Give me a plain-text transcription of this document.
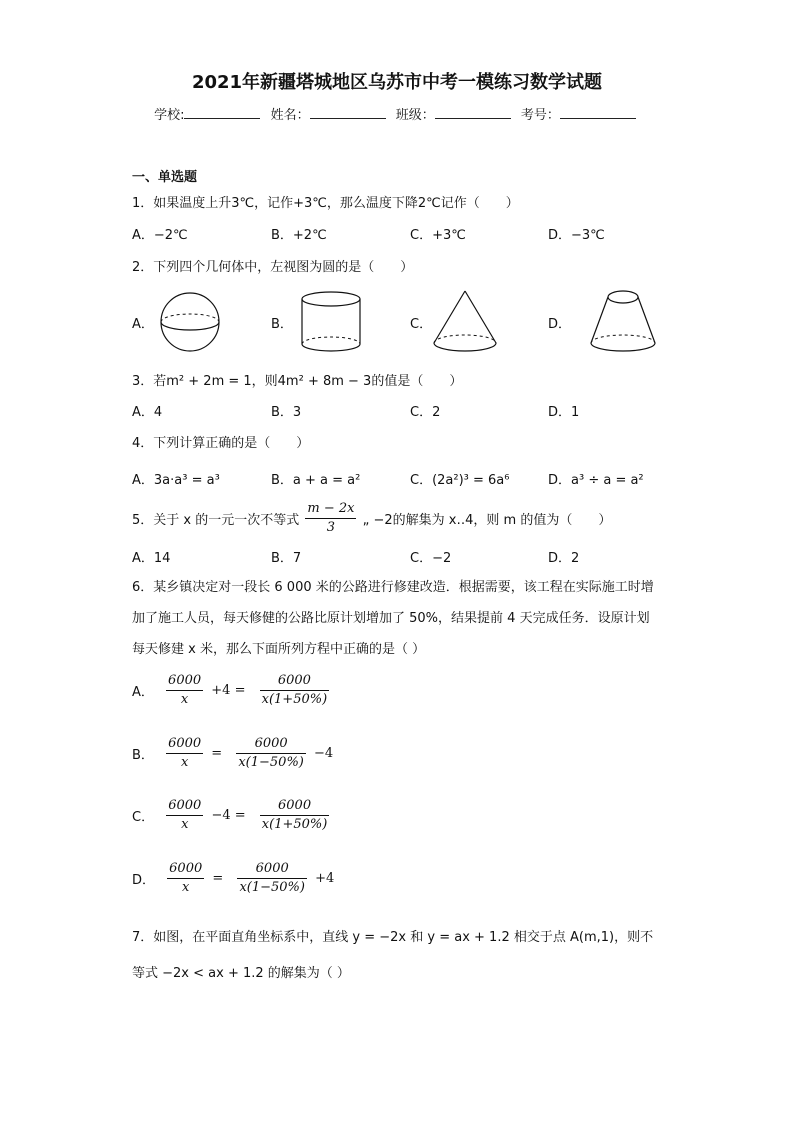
2021年新疆塔城地区乌苏市中考一模练习数学试题
学校:	姓名：	班级：	考号：
一、单选题
1．如果温度上升3℃，记作+3℃，那么温度下降2℃记作（　　）
A．−2℃	B．+2℃	C．+3℃	D．−3℃
2．下列四个几何体中，左视图为圆的是（　　）
A．	B．	C．	D．
3．若m² + 2m = 1，则4m² + 8m − 3的值是（　　）
A．4	B．3	C．2	D．1
4．下列计算正确的是（　　）
A．3a·a³ = a³	B．a + a = a²	C．(2a²)³ = 6a⁶	D．a³ ÷ a = a²
5．关于 x 的一元一次不等式 $\frac{m - 2x}{3}$ „ −2的解集为 x‥4，则 m 的值为（　　）
A．14	B．7	C．−2	D．2
6．某乡镇决定对一段长 6 000 米的公路进行修建改造．根据需要，该工程在实际施工时增加了施工人员，每天修健的公路比原计划增加了 50%，结果提前 4 天完成任务．设原计划每天修建 x 米，那么下面所列方程中正确的是（ ）
A． $\frac{6000}{x} +4 = \frac{6000}{x(1+50\%)}$
B． $\frac{6000}{x} = \frac{6000}{x(1-50\%)} -4$
C． $\frac{6000}{x} -4 = \frac{6000}{x(1+50\%)}$
D． $\frac{6000}{x} = \frac{6000}{x(1-50\%)} +4$
7．如图，在平面直角坐标系中，直线 y = −2x 和 y = ax + 1.2 相交于点 A(m,1)，则不等式 −2x < ax + 1.2 的解集为（ ）
